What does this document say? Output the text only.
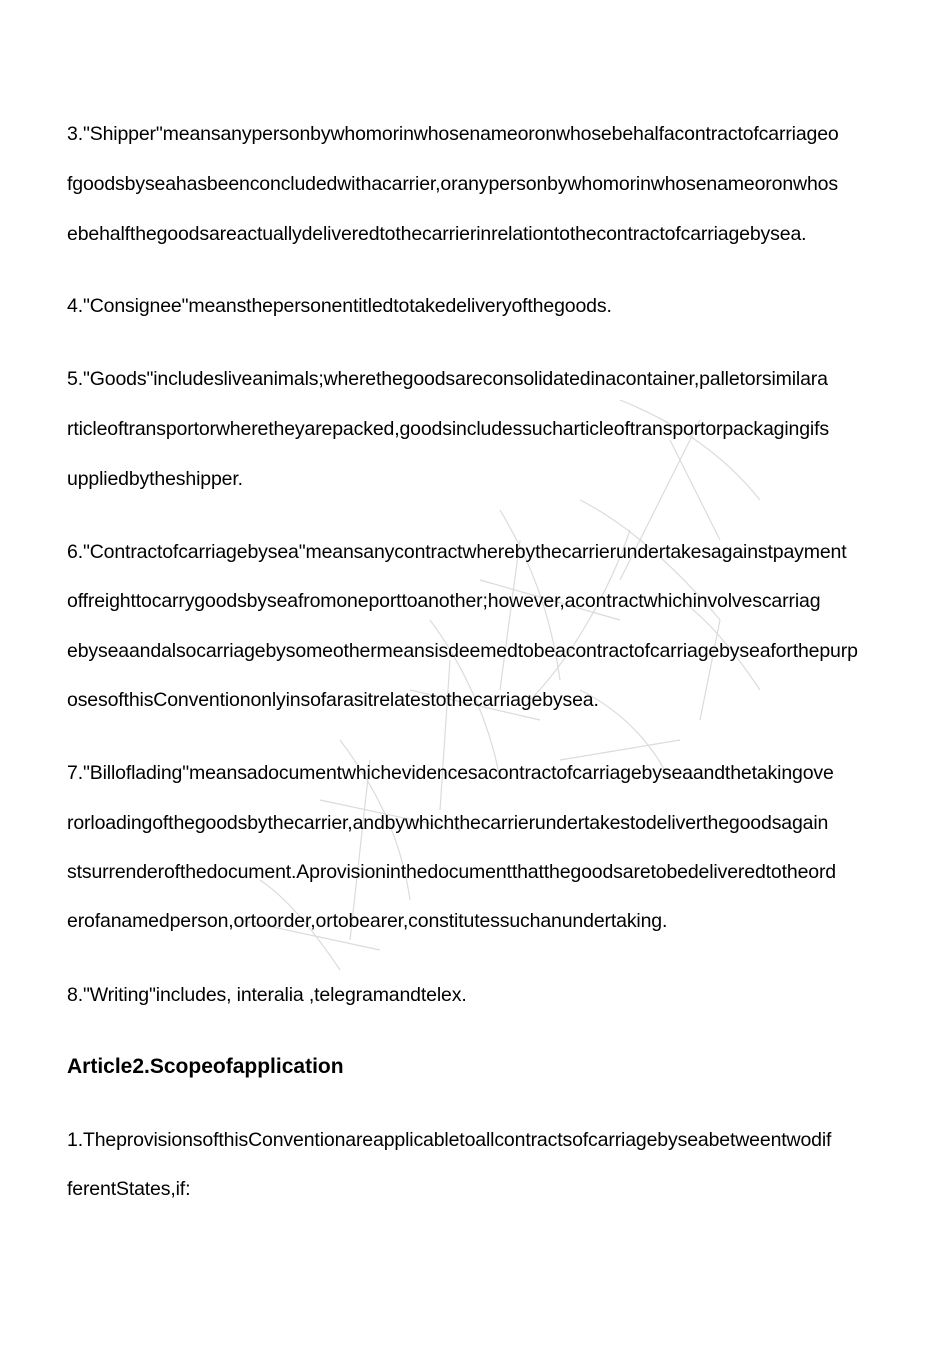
3."Shipper"meansanypersonbywhomorinwhosenameoronwhosebehalfacontractofcarriageo
fgoodsbyseahasbeenconcludedwithacarrier,oranypersonbywhomorinwhosenameoronwhos
ebehalfthegoodsareactuallydeliveredtothecarrierinrelationtothecontractofcarriagebysea.
4."Consignee"meansthepersonentitledtotakedeliveryofthegoods.
5."Goods"includesliveanimals;wherethegoodsareconsolidatedinacontainer,palletorsimilara
rticleoftransportorwheretheyarepacked,goodsincludessucharticleoftransportorpackagingifs
uppliedbytheshipper.
6."Contractofcarriagebysea"meansanycontractwherebythecarrierundertakesagainstpayment
offreighttocarrygoodsbyseafromoneporttoanother;however,acontractwhichinvolvescarriag
ebyseaandalsocarriagebysomeothermeansisdeemedtobeacontractofcarriagebyseaforthepurp
osesofthisConventiononlyinsofarasitrelatestothecarriagebysea.
7."Billoflading"meansadocumentwhichevidencesacontractofcarriagebyseaandthetakingove
rorloadingofthegoodsbythecarrier,andbywhichthecarrierundertakestodeliverthegoodsagain
stsurrenderofthedocument.Aprovisioninthedocumentthatthegoodsaretobedeliveredtotheord
erofanamedperson,ortoorder,ortobearer,constitutessuchanundertaking.
8."Writing"includes, interalia ,telegramandtelex.
Article2.Scopeofapplication
1.TheprovisionsofthisConventionareapplicabletoallcontractsofcarriagebyseabetweentwodif
ferentStates,if:
